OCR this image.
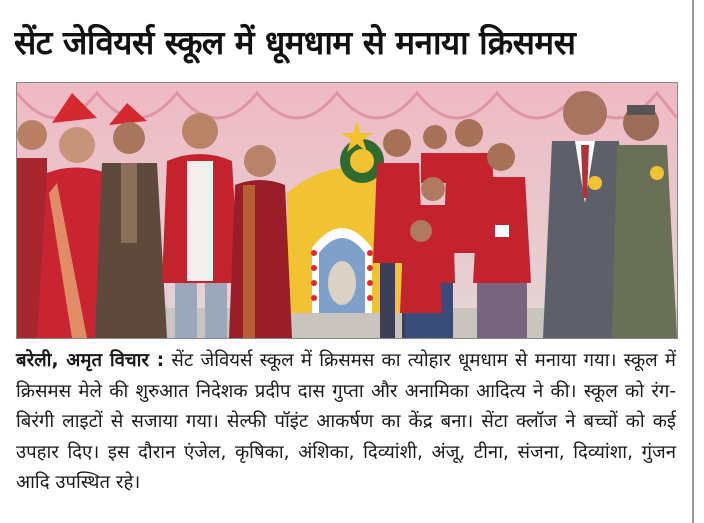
सेंट जेवियर्स स्कूल में धूमधाम से मनाया क्रिसमस

बरेली, अमृत विचार : सेंट जेवियर्स स्कूल में क्रिसमस का त्योहार धूमधाम से मनाया गया। स्कूल में क्रिसमस मेले की शुरुआत निदेशक प्रदीप दास गुप्ता और अनामिका आदित्य ने की। स्कूल को रंग-बिरंगी लाइटों से सजाया गया। सेल्फी पॉइंट आकर्षण का केंद्र बना। सेंटा क्लॉज ने बच्चों को कई उपहार दिए। इस दौरान एंजेल, कृषिका, अंशिका, दिव्यांशी, अंजू, टीना, संजना, दिव्यांशा, गुंजन आदि उपस्थित रहे।
